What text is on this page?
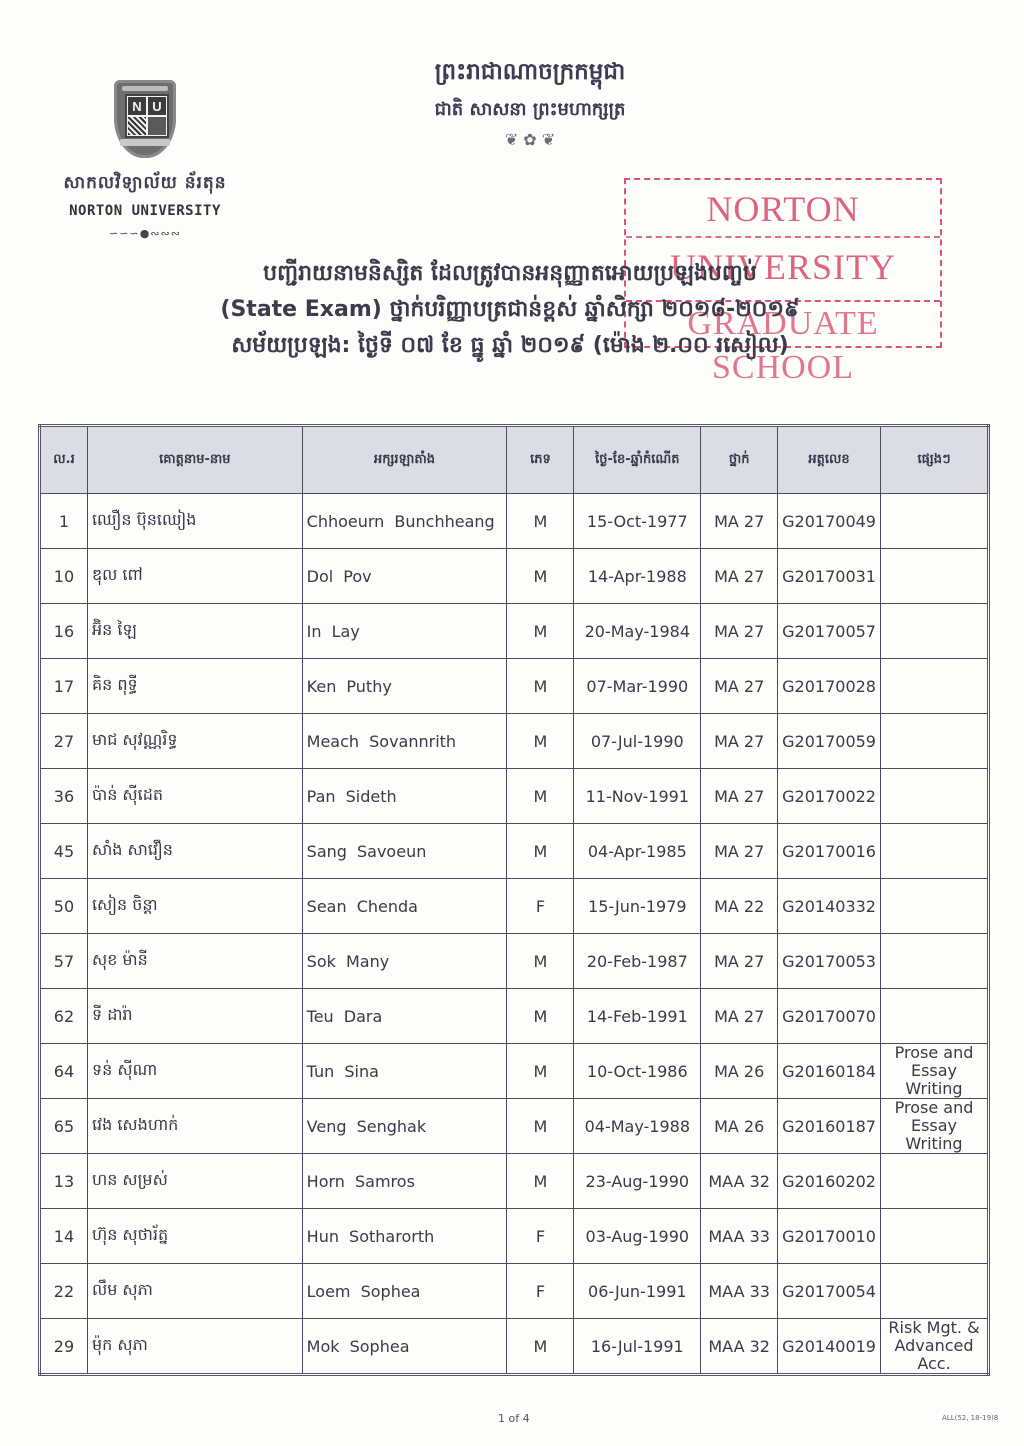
N U
សាកលវិទ្យាល័យ ន័រតុន
NORTON UNIVERSITY
∽∽∽●∾∾∾
ព្រះរាជាណាចក្រកម្ពុជា
ជាតិ សាសនា ព្រះមហាក្សត្រ
❦ ✿ ❦
NORTON UNIVERSITY
GRADUATE SCHOOL
បញ្ជីរាយនាមនិស្សិត ដែលត្រូវបានអនុញ្ញាតអោយប្រឡងបញ្ចប់
(State Exam) ថ្នាក់បរិញ្ញាបត្រជាន់ខ្ពស់ ឆ្នាំសិក្សា ២០១៨-២០១៩
សម័យប្រឡង: ថ្ងៃទី ០៧ ខែ ធ្នូ ឆ្នាំ ២០១៩ (ម៉ោង ២.០០ រសៀល)
ល.រ	គោត្តនាម-នាម	អក្សរឡាតាំង	ភេទ	ថ្ងៃ-ខែ-ឆ្នាំកំណើត	ថ្នាក់	អត្តលេខ	ផ្សេងៗ
1	ឈឿន ប៊ុនឈៀង	Chhoeurn Bunchheang	M	15-Oct-1977	MA 27	G20170049	
10	ឌុល ពៅ	Dol Pov	M	14-Apr-1988	MA 27	G20170031	
16	អ៊ិន ឡៃ	In Lay	M	20-May-1984	MA 27	G20170057	
17	គិន ពុទ្ធី	Ken Puthy	M	07-Mar-1990	MA 27	G20170028	
27	មាជ សុវណ្ណរិទ្ធ	Meach Sovannrith	M	07-Jul-1990	MA 27	G20170059	
36	ប៉ាន់ ស៊ីដេត	Pan Sideth	M	11-Nov-1991	MA 27	G20170022	
45	សាំង សាវឿន	Sang Savoeun	M	04-Apr-1985	MA 27	G20170016	
50	សៀន ចិន្តា	Sean Chenda	F	15-Jun-1979	MA 22	G20140332	
57	សុខ ម៉ានី	Sok Many	M	20-Feb-1987	MA 27	G20170053	
62	ទី ដារ៉ា	Teu Dara	M	14-Feb-1991	MA 27	G20170070	
64	ទន់ ស៊ីណា	Tun Sina	M	10-Oct-1986	MA 26	G20160184	Prose and Essay Writing
65	វេង សេងហាក់	Veng Senghak	M	04-May-1988	MA 26	G20160187	Prose and Essay Writing
13	ហន សម្រស់	Horn Samros	M	23-Aug-1990	MAA 32	G20160202	
14	ហ៊ុន សុថារ័ត្ន	Hun Sotharorth	F	03-Aug-1990	MAA 33	G20170010	
22	លឹម សុភា	Loem Sophea	F	06-Jun-1991	MAA 33	G20170054	
29	ម៉ុក សុភា	Mok Sophea	M	16-Jul-1991	MAA 32	G20140019	Risk Mgt. & Advanced Acc.
1 of 4	ALL(52, 18-19)8
